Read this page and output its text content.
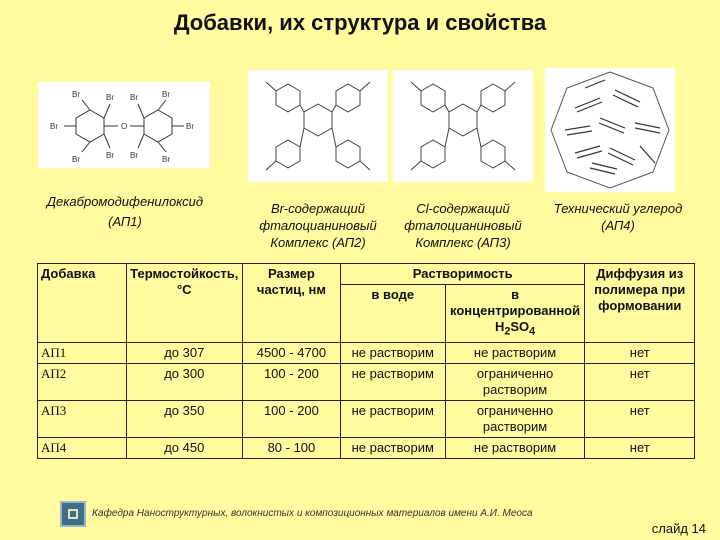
Добавки, их структура и свойства
Br	Br
Br
Br	Br
O
Br	Br
Br
Br	Br
Декабромодифенилоксид
(АП1)
Br-содержащий
фталоцианиновый
Комплекс (АП2)
Cl-содержащий
фталоцианиновый
Комплекс (АП3)
Технический углерод
(АП4)
Добавка	Термостойкость, °С	Размер частиц, нм	Растворимость		Диффузия из полимера при формовании
			в воде	в концентрированной $H_2SO_4$
АП1	до 307	4500 - 4700	не растворим	не растворим	нет
АП2	до 300	100 - 200	не растворим	ограниченно растворим	нет
АП3	до 350	100 - 200	не растворим	ограниченно растворим	нет
АП4	до 450	80 - 100	не растворим	не растворим	нет
Кафедра Наноструктурных, волокнистых и композиционных материалов имени А.И. Меоса
слайд 14
